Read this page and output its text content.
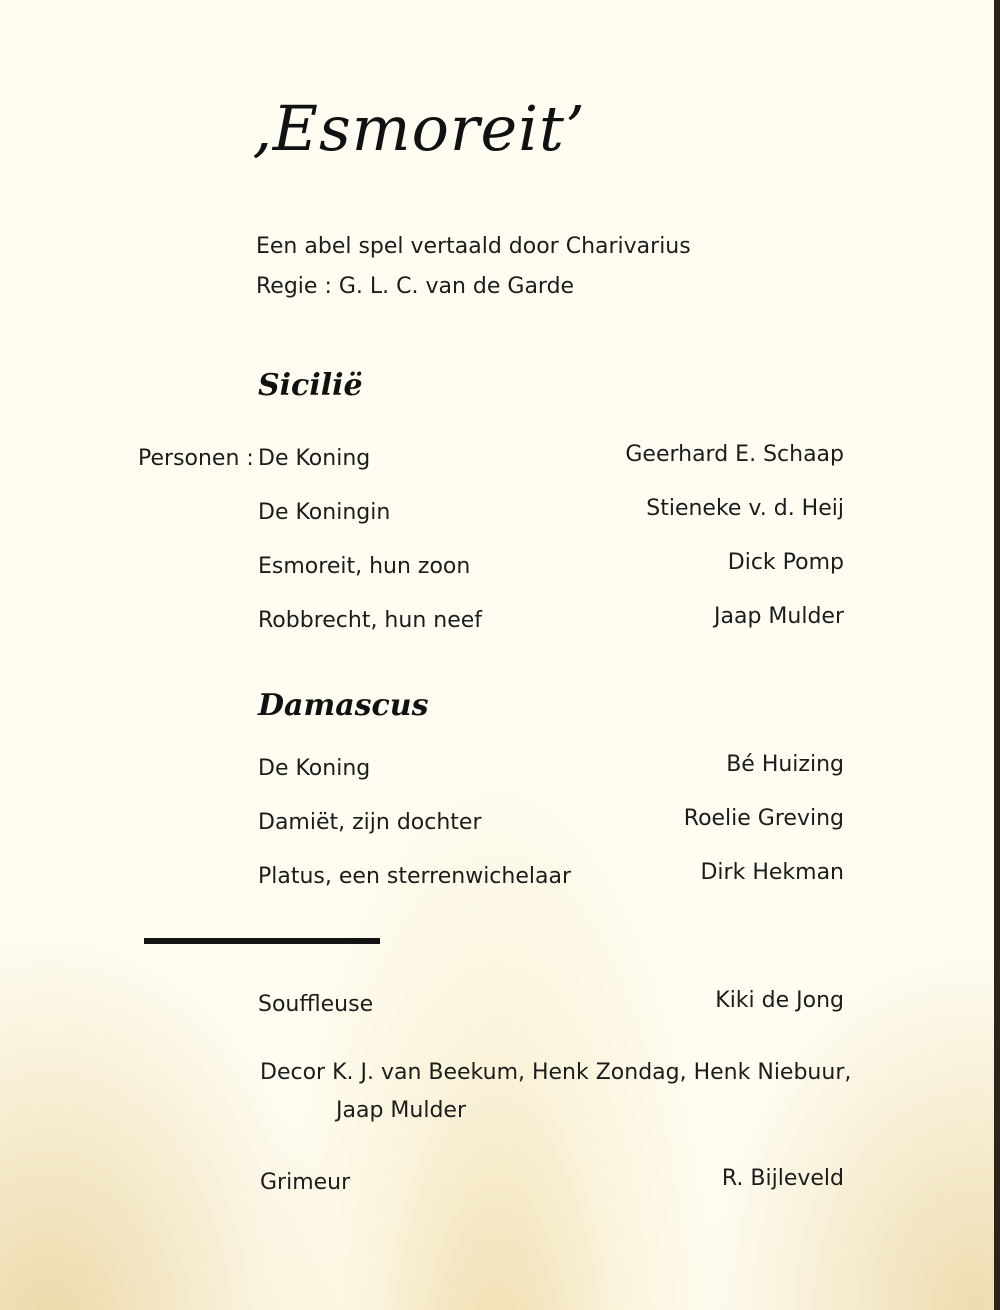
‚Esmoreit’
Een abel spel vertaald door Charivarius
Regie : G. L. C. van de Garde
Sicilië
Personen : De Koning	Geerhard E. Schaap
De Koningin	Stieneke v. d. Heij
Esmoreit, hun zoon	Dick Pomp
Robbrecht, hun neef	Jaap Mulder
Damascus
De Koning	Bé Huizing
Damiët, zijn dochter	Roelie Greving
Platus, een sterrenwichelaar	Dirk Hekman
Souffleuse	Kiki de Jong
Decor K. J. van Beekum, Henk Zondag, Henk Niebuur,
Jaap Mulder
Grimeur	R. Bijleveld
